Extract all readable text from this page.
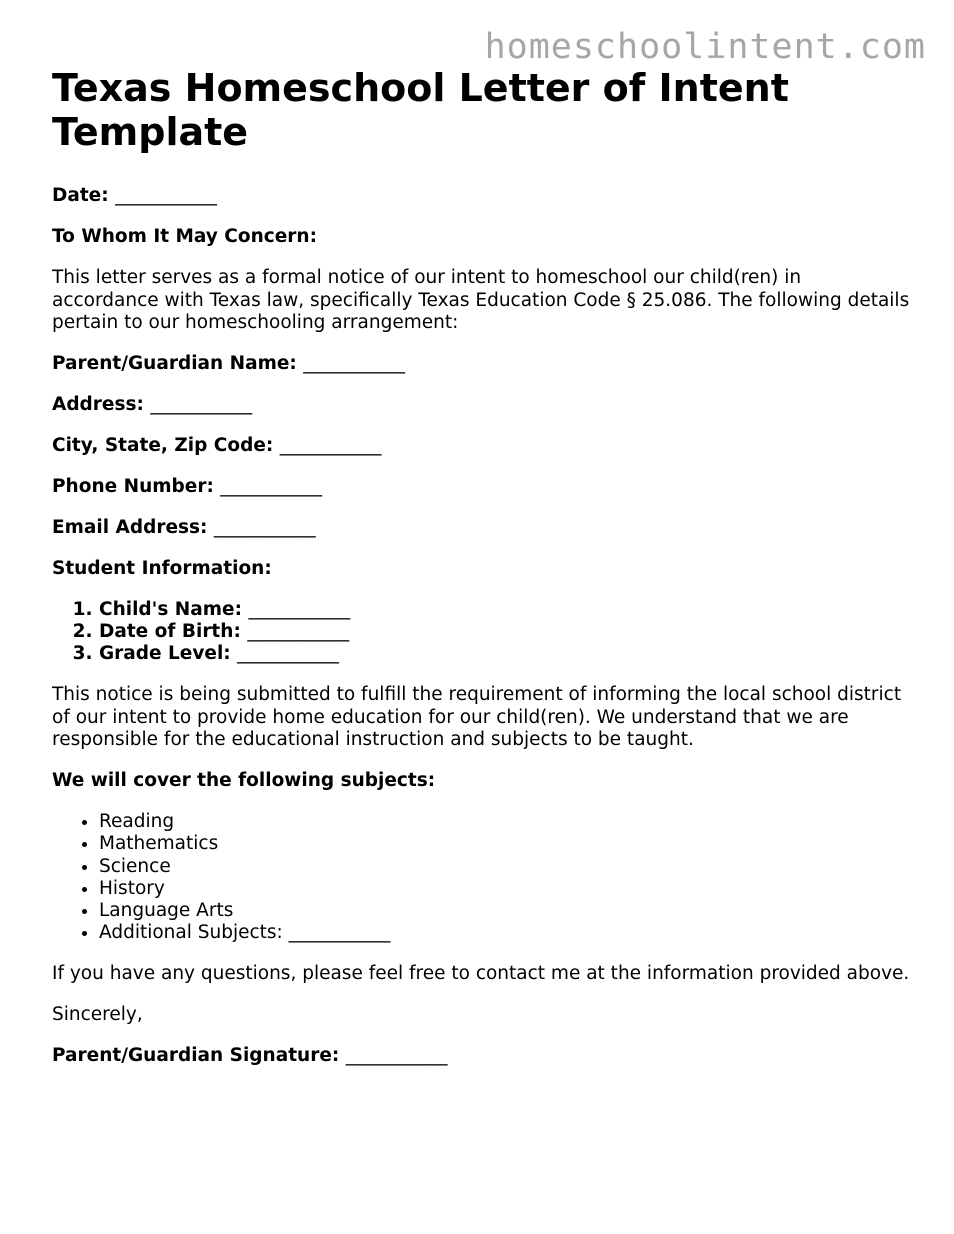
homeschoolintent.com
Texas Homeschool Letter of Intent Template

Date: ___________

To Whom It May Concern:

This letter serves as a formal notice of our intent to homeschool our child(ren) in accordance with Texas law, specifically Texas Education Code § 25.086. The following details pertain to our homeschooling arrangement:

Parent/Guardian Name: ___________

Address: ___________

City, State, Zip Code: ___________

Phone Number: ___________

Email Address: ___________

Student Information:

1. Child's Name: ___________
2. Date of Birth: ___________
3. Grade Level: ___________

This notice is being submitted to fulfill the requirement of informing the local school district of our intent to provide home education for our child(ren). We understand that we are responsible for the educational instruction and subjects to be taught.

We will cover the following subjects:

• Reading
• Mathematics
• Science
• History
• Language Arts
• Additional Subjects: ___________

If you have any questions, please feel free to contact me at the information provided above.

Sincerely,

Parent/Guardian Signature: ___________
